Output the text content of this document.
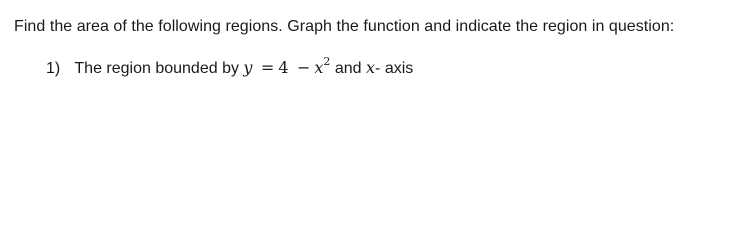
Find the area of the following regions. Graph the function and indicate the region in question:
1) The region bounded by $y = 4 - x^2$ and x- axis
